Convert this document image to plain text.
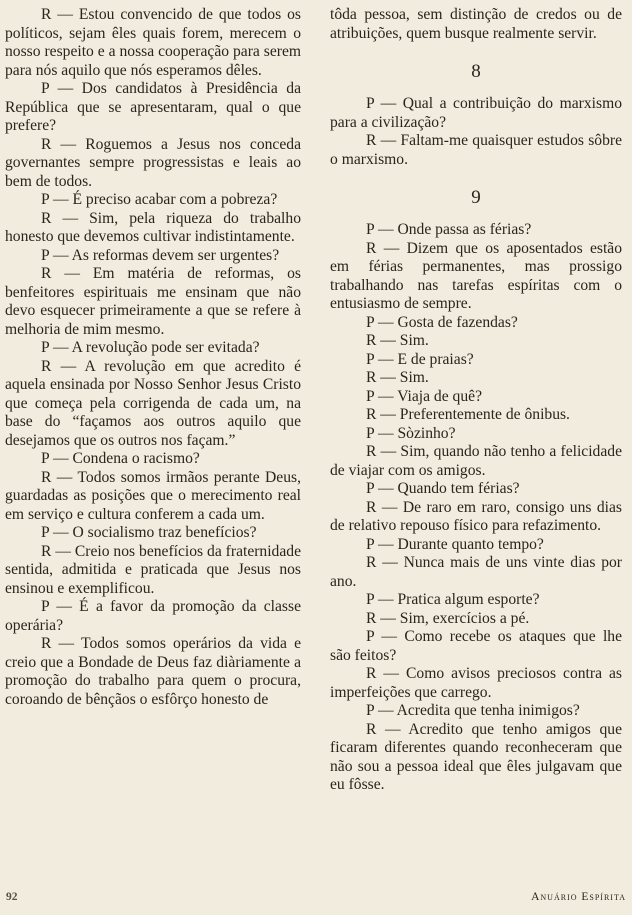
R — Estou convencido de que todos os políticos, sejam êles quais forem, merecem o nosso respeito e a nossa cooperação para serem para nós aquilo que nós esperamos dêles.

P — Dos candidatos à Presidência da República que se apresentaram, qual o que prefere?

R — Roguemos a Jesus nos conceda governantes sempre progressistas e leais ao bem de todos.

P — É preciso acabar com a pobreza?

R — Sim, pela riqueza do trabalho honesto que devemos cultivar indistintamente.

P — As reformas devem ser urgentes?

R — Em matéria de reformas, os benfeitores espirituais me ensinam que não devo esquecer primeiramente a que se refere à melhoria de mim mesmo.

P — A revolução pode ser evitada?

R — A revolução em que acredito é aquela ensinada por Nosso Senhor Jesus Cristo que começa pela corrigenda de cada um, na base do “façamos aos outros aquilo que desejamos que os outros nos façam.”

P — Condena o racismo?

R — Todos somos irmãos perante Deus, guardadas as posições que o merecimento real em serviço e cultura conferem a cada um.

P — O socialismo traz benefícios?

R — Creio nos benefícios da fraternidade sentida, admitida e praticada que Jesus nos ensinou e exemplificou.

P — É a favor da promoção da classe operária?

R — Todos somos operários da vida e creio que a Bondade de Deus faz diàriamente a promoção do trabalho para quem o procura, coroando de bênçãos o esfôrço honesto de

tôda pessoa, sem distinção de credos ou de atribuições, quem busque realmente servir.

8

P — Qual a contribuição do marxismo para a civilização?

R — Faltam-me quaisquer estudos sôbre o marxismo.

9

P — Onde passa as férias?

R — Dizem que os aposentados estão em férias permanentes, mas prossigo trabalhando nas tarefas espíritas com o entusiasmo de sempre.

P — Gosta de fazendas?

R — Sim.

P — E de praias?

R — Sim.

P — Viaja de quê?

R — Preferentemente de ônibus.

P — Sòzinho?

R — Sim, quando não tenho a felicidade de viajar com os amigos.

P — Quando tem férias?

R — De raro em raro, consigo uns dias de relativo repouso físico para refazimento.

P — Durante quanto tempo?

R — Nunca mais de uns vinte dias por ano.

P — Pratica algum esporte?

R — Sim, exercícios a pé.

P — Como recebe os ataques que lhe são feitos?

R — Como avisos preciosos contra as imperfeições que carrego.

P — Acredita que tenha inimigos?

R — Acredito que tenho amigos que ficaram diferentes quando reconheceram que não sou a pessoa ideal que êles julgavam que eu fôsse.

92	Anuário Espírita
